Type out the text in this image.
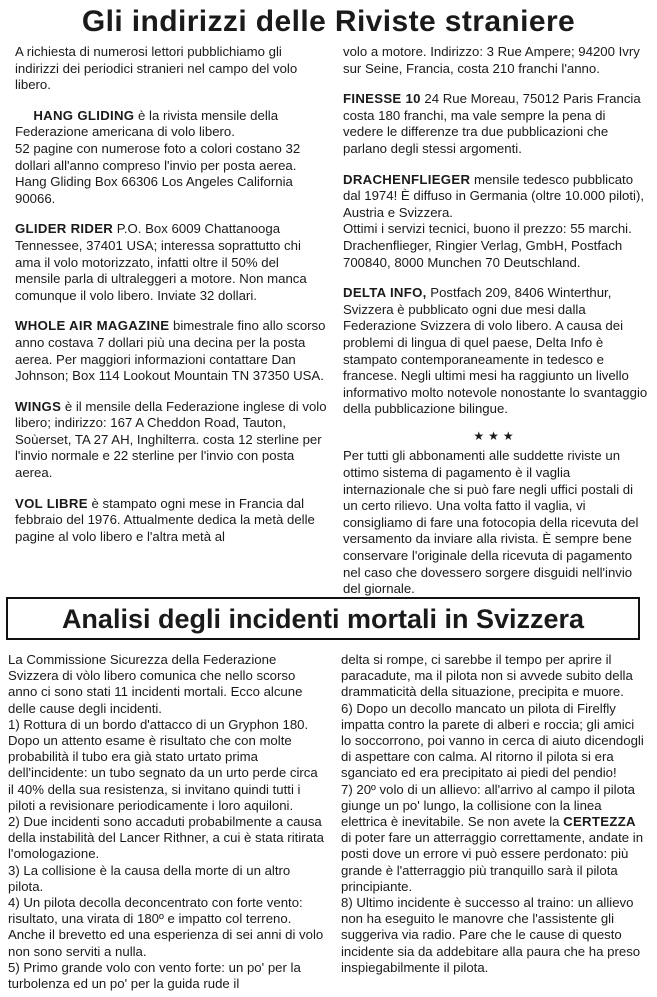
Gli indirizzi delle Riviste straniere

A richiesta di numerosi lettori pubblichiamo gli indirizzi dei periodici stranieri nel campo del volo libero.

HANG GLIDING è la rivista mensile della Federazione americana di volo libero.

52 pagine con numerose foto a colori costano 32 dollari all'anno compreso l'invio per posta aerea.

Hang Gliding Box 66306 Los Angeles California 90066.

GLIDER RIDER P.O. Box 6009 Chattanooga Tennessee, 37401 USA; interessa soprattutto chi ama il volo motorizzato, infatti oltre il 50% del mensile parla di ultraleggeri a motore. Non manca comunque il volo libero. Inviate 32 dollari.

WHOLE AIR MAGAZINE bimestrale fino allo scorso anno costava 7 dollari più una decina per la posta aerea. Per maggiori informazioni contattare Dan Johnson; Box 114 Lookout Mountain TN 37350 USA.

WINGS è il mensile della Federazione inglese di volo libero; indirizzo: 167 A Cheddon Road, Tauton, Soùerset, TA 27 AH, Inghilterra. costa 12 sterline per l'invio normale e 22 sterline per l'invio con posta aerea.

VOL LIBRE è stampato ogni mese in Francia dal febbraio del 1976. Attualmente dedica la metà delle pagine al volo libero e l'altra metà al

volo a motore. Indirizzo: 3 Rue Ampere; 94200 Ivry sur Seine, Francia, costa 210 franchi l'anno.

FINESSE 10 24 Rue Moreau, 75012 Paris Francia costa 180 franchi, ma vale sempre la pena di vedere le differenze tra due pubblicazioni che parlano degli stessi argomenti.

DRACHENFLIEGER mensile tedesco pubblicato dal 1974! È diffuso in Germania (oltre 10.000 piloti), Austria e Svizzera.

Ottimi i servizi tecnici, buono il prezzo: 55 marchi. Drachenflieger, Ringier Verlag, GmbH, Postfach 700840, 8000 Munchen 70 Deutschland.

DELTA INFO, Postfach 209, 8406 Winterthur, Svizzera è pubblicato ogni due mesi dalla Federazione Svizzera di volo libero. A causa dei problemi di lingua di quel paese, Delta Info è stampato contemporaneamente in tedesco e francese. Negli ultimi mesi ha raggiunto un livello informativo molto notevole nonostante lo svantaggio della pubblicazione bilingue.

★★★

Per tutti gli abbonamenti alle suddette riviste un ottimo sistema di pagamento è il vaglia internazionale che si può fare negli uffici postali di un certo rilievo. Una volta fatto il vaglia, vi consigliamo di fare una fotocopia della ricevuta del versamento da inviare alla rivista. È sempre bene conservare l'originale della ricevuta di pagamento nel caso che dovessero sorgere disguidi nell'invio del giornale.

Analisi degli incidenti mortali in Svizzera

La Commissione Sicurezza della Federazione Svizzera di vòlo libero comunica che nello scorso anno ci sono stati 11 incidenti mortali. Ecco alcune delle cause degli incidenti.

1) Rottura di un bordo d'attacco di un Gryphon 180. Dopo un attento esame è risultato che con molte probabilità il tubo era già stato urtato prima dell'incidente: un tubo segnato da un urto perde circa il 40% della sua resistenza, si invitano quindi tutti i piloti a revisionare periodicamente i loro aquiloni.

2) Due incidenti sono accaduti probabilmente a causa della instabilità del Lancer Rithner, a cui è stata ritirata l'omologazione.

3) La collisione è la causa della morte di un altro pilota.

4) Un pilota decolla deconcentrato con forte vento: risultato, una virata di 180º e impatto col terreno. Anche il brevetto ed una esperienza di sei anni di volo non sono serviti a nulla.

5) Primo grande volo con vento forte: un po' per la turbolenza ed un po' per la guida rude il

delta si rompe, ci sarebbe il tempo per aprire il paracadute, ma il pilota non si avvede subito della drammaticità della situazione, precipita e muore.

6) Dopo un decollo mancato un pilota di Firelfly impatta contro la parete di alberi e roccia; gli amici lo soccorrono, poi vanno in cerca di aiuto dicendogli di aspettare con calma. Al ritorno il pilota si era sganciato ed era precipitato ai piedi del pendio!

7) 20º volo di un allievo: all'arrivo al campo il pilota giunge un po' lungo, la collisione con la linea elettrica è inevitabile. Se non avete la CERTEZZA di poter fare un atterraggio correttamente, andate in posti dove un errore vi può essere perdonato: più grande è l'atterraggio più tranquillo sarà il pilota principiante.

8) Ultimo incidente è successo al traino: un allievo non ha eseguito le manovre che l'assistente gli suggeriva via radio. Pare che le cause di questo incidente sia da addebitare alla paura che ha preso inspiegabilmente il pilota.
